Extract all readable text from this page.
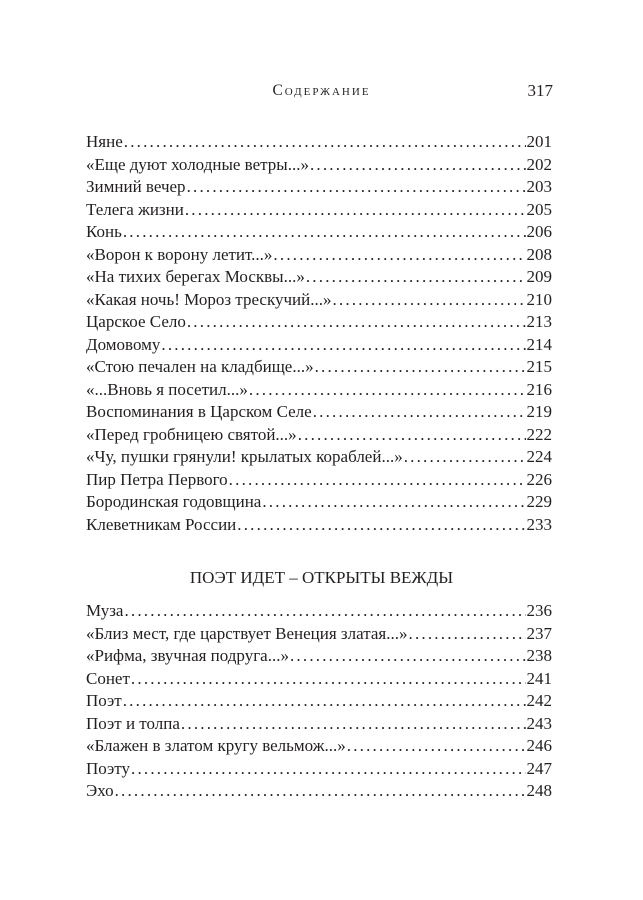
Содержание	317
Няне .....	201
«Еще дуют холодные ветры...» .....	202
Зимний вечер .....	203
Телега жизни .....	205
Конь .....	206
«Ворон к ворону летит...» .....	208
«На тихих берегах Москвы...» .....	209
«Какая ночь! Мороз трескучий...» .....	210
Царское Село .....	213
Домовому .....	214
«Стою печален на кладбище...» .....	215
«...Вновь я посетил...» .....	216
Воспоминания в Царском Селе .....	219
«Перед гробницею святой...» .....	222
«Чу, пушки грянули! крылатых кораблей...» .....	224
Пир Петра Первого .....	226
Бородинская годовщина .....	229
Клеветникам России .....	233
ПОЭТ ИДЕТ – ОТКРЫТЫ ВЕЖДЫ
Муза .....	236
«Близ мест, где царствует Венеция златая...» .....	237
«Рифма, звучная подруга...» .....	238
Сонет .....	241
Поэт .....	242
Поэт и толпа .....	243
«Блажен в златом кругу вельмож...» .....	246
Поэту .....	247
Эхо .....	248
